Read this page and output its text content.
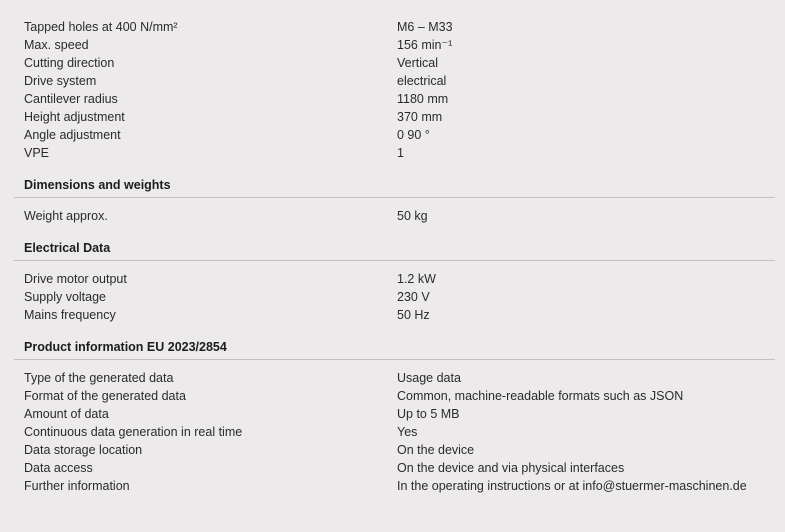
Tapped holes at 400 N/mm²	M6 – M33
Max. speed	156 min⁻¹
Cutting direction	Vertical
Drive system	electrical
Cantilever radius	1180 mm
Height adjustment	370 mm
Angle adjustment	0 90 °
VPE	1
Dimensions and weights	

Weight approx.	50 kg
Electrical Data	

Drive motor output	1.2 kW
Supply voltage	230 V
Mains frequency	50 Hz
Product information EU 2023/2854	

Type of the generated data	Usage data
Format of the generated data	Common, machine-readable formats such as JSON
Amount of data	Up to 5 MB
Continuous data generation in real time	Yes
Data storage location	On the device
Data access	On the device and via physical interfaces
Further information	In the operating instructions or at info@stuermer-maschinen.de
